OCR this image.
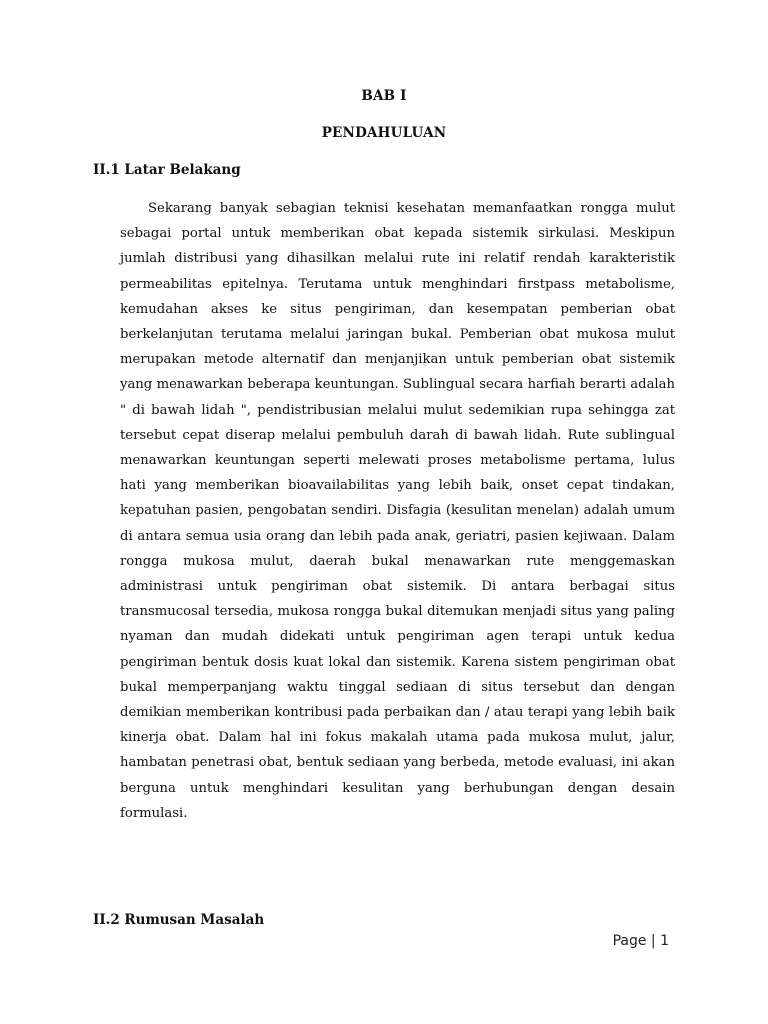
BAB I
PENDAHULUAN
II.1 Latar Belakang

Sekarang banyak sebagian teknisi kesehatan memanfaatkan rongga mulut sebagai portal untuk memberikan obat kepada sistemik sirkulasi. Meskipun jumlah distribusi yang dihasilkan melalui rute ini relatif rendah karakteristik permeabilitas epitelnya. Terutama untuk menghindari firstpass metabolisme, kemudahan akses ke situs pengiriman, dan kesempatan pemberian obat berkelanjutan terutama melalui jaringan bukal. Pemberian obat mukosa mulut merupakan metode alternatif dan menjanjikan untuk pemberian obat sistemik yang menawarkan beberapa keuntungan. Sublingual secara harfiah berarti adalah " di bawah lidah ", pendistribusian melalui mulut sedemikian rupa sehingga zat tersebut cepat diserap melalui pembuluh darah di bawah lidah. Rute sublingual menawarkan keuntungan seperti melewati proses metabolisme pertama, lulus hati yang memberikan bioavailabilitas yang lebih baik, onset cepat tindakan, kepatuhan pasien, pengobatan sendiri. Disfagia (kesulitan menelan) adalah umum di antara semua usia orang dan lebih pada anak, geriatri, pasien kejiwaan. Dalam rongga mukosa mulut, daerah bukal menawarkan rute menggemaskan administrasi untuk pengiriman obat sistemik. Di antara berbagai situs transmucosal tersedia, mukosa rongga bukal ditemukan menjadi situs yang paling nyaman dan mudah didekati untuk pengiriman agen terapi untuk kedua pengiriman bentuk dosis kuat lokal dan sistemik. Karena sistem pengiriman obat bukal memperpanjang waktu tinggal sediaan di situs tersebut dan dengan demikian memberikan kontribusi pada perbaikan dan / atau terapi yang lebih baik kinerja obat. Dalam hal ini fokus makalah utama pada mukosa mulut, jalur, hambatan penetrasi obat, bentuk sediaan yang berbeda, metode evaluasi, ini akan berguna untuk menghindari kesulitan yang berhubungan dengan desain formulasi.

II.2 Rumusan Masalah
Page | 1
